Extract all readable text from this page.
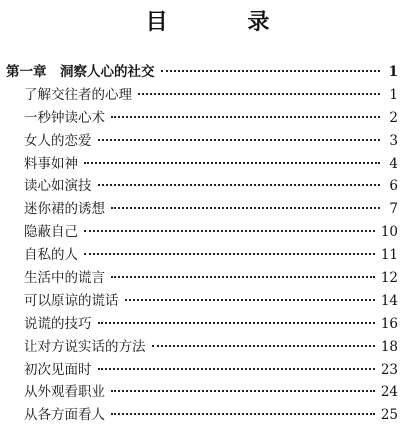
目 录
第一章　洞察人心的社交	1
了解交往者的心理	1
一秒钟读心术	2
女人的恋爱	3
料事如神	4
读心如演技	6
迷你裙的诱想	7
隐蔽自己	10
自私的人	11
生活中的谎言	12
可以原谅的谎话	14
说谎的技巧	16
让对方说实话的方法	18
初次见面时	23
从外观看职业	24
从各方面看人	25
